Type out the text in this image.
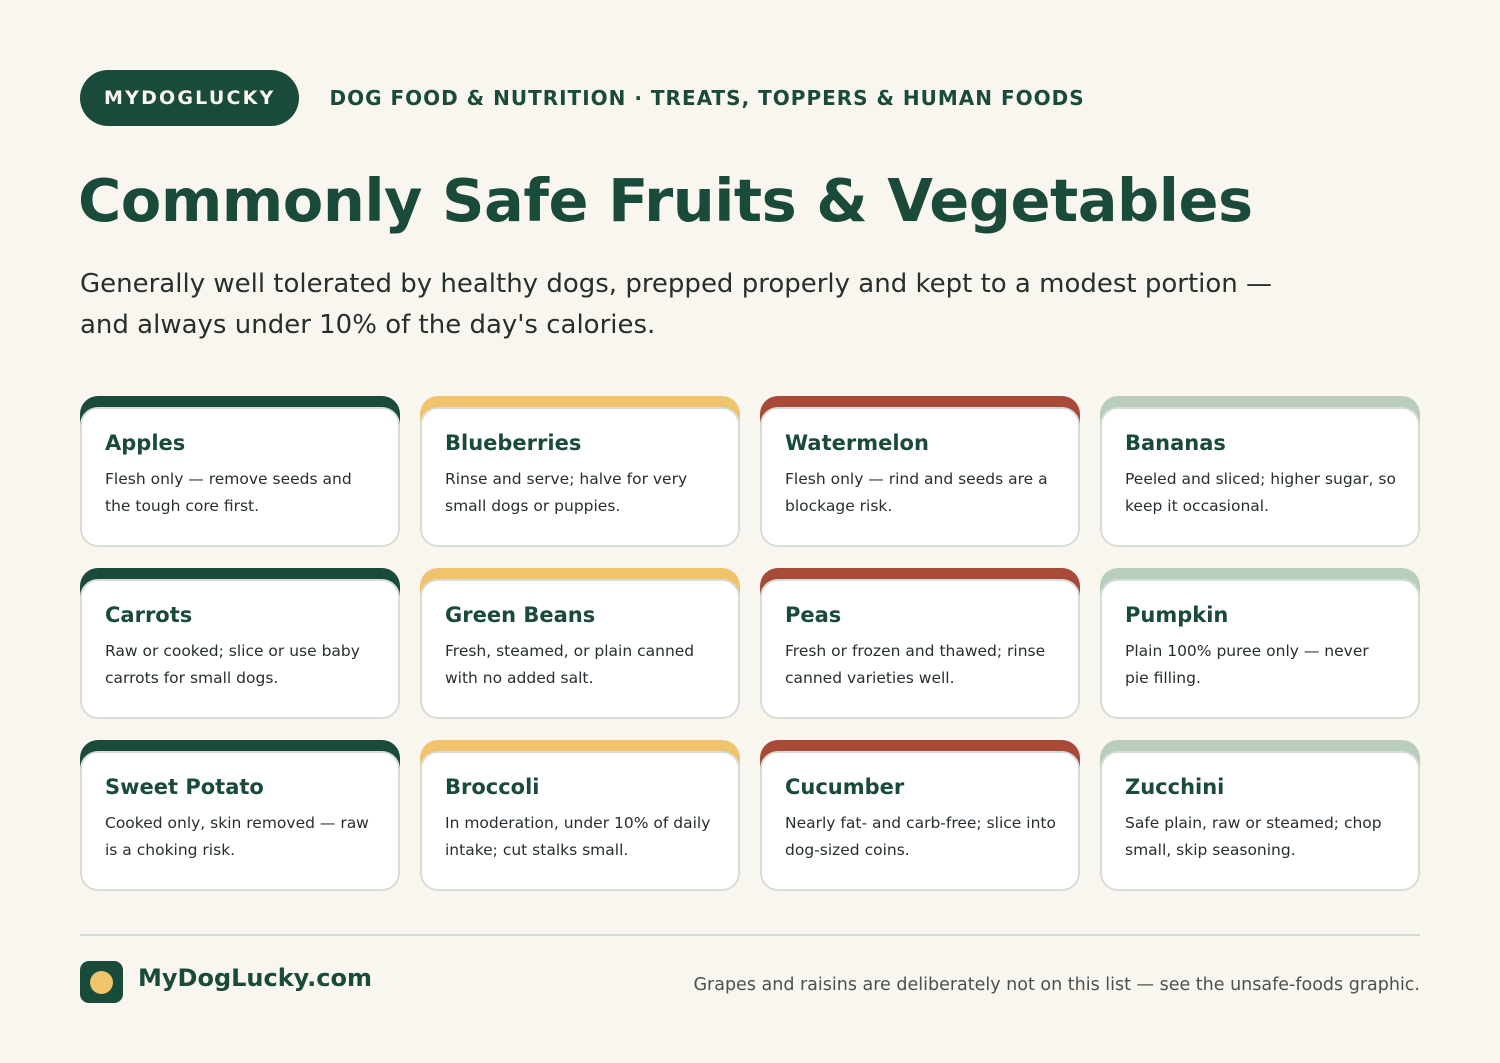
MYDOGLUCKY	DOG FOOD & NUTRITION · TREATS, TOPPERS & HUMAN FOODS
Commonly Safe Fruits & Vegetables

Generally well tolerated by healthy dogs, prepped properly and kept to a modest portion — and always under 10% of the day's calories.

Apples

Flesh only — remove seeds and the tough core first.

Blueberries

Rinse and serve; halve for very small dogs or puppies.

Watermelon

Flesh only — rind and seeds are a blockage risk.

Bananas

Peeled and sliced; higher sugar, so keep it occasional.

Carrots

Raw or cooked; slice or use baby carrots for small dogs.

Green Beans

Fresh, steamed, or plain canned with no added salt.

Peas

Fresh or frozen and thawed; rinse canned varieties well.

Pumpkin

Plain 100% puree only — never pie filling.

Sweet Potato

Cooked only, skin removed — raw is a choking risk.

Broccoli

In moderation, under 10% of daily intake; cut stalks small.

Cucumber

Nearly fat- and carb-free; slice into dog-sized coins.

Zucchini

Safe plain, raw or steamed; chop small, skip seasoning.

MyDogLucky.com	Grapes and raisins are deliberately not on this list — see the unsafe-foods graphic.
